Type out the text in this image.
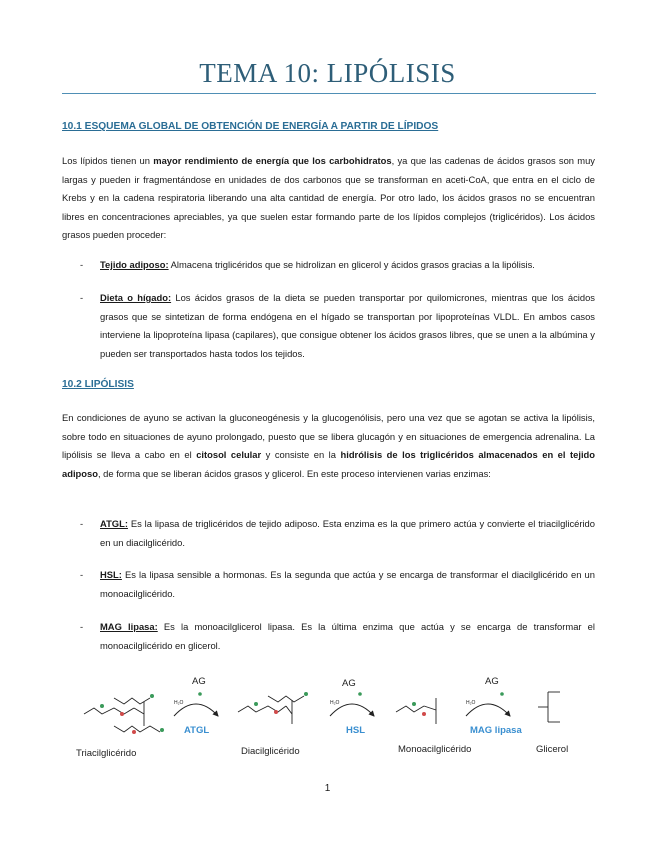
TEMA 10: LIPÓLISIS
10.1 ESQUEMA GLOBAL DE OBTENCIÓN DE ENERGÍA A PARTIR DE LÍPIDOS
Los lípidos tienen un mayor rendimiento de energía que los carbohidratos, ya que las cadenas de ácidos grasos son muy largas y pueden ir fragmentándose en unidades de dos carbonos que se transforman en aceti-CoA, que entra en el ciclo de Krebs y en la cadena respiratoria liberando una alta cantidad de energía. Por otro lado, los ácidos grasos no se encuentran libres en concentraciones apreciables, ya que suelen estar formando parte de los lípidos complejos (triglicéridos). Los ácidos grasos pueden proceder:
- Tejido adiposo: Almacena triglicéridos que se hidrolizan en glicerol y ácidos grasos gracias a la lipólisis.
- Dieta o hígado: Los ácidos grasos de la dieta se pueden transportar por quilomicrones, mientras que los ácidos grasos que se sintetizan de forma endógena en el hígado se transportan por lipoproteínas VLDL. En ambos casos interviene la lipoproteína lipasa (capilares), que consigue obtener los ácidos grasos libres, que se unen a la albúmina y pueden ser transportados hasta todos los tejidos.
10.2 LIPÓLISIS
En condiciones de ayuno se activan la gluconeogénesis y la glucogenólisis, pero una vez que se agotan se activa la lipólisis, sobre todo en situaciones de ayuno prolongado, puesto que se libera glucagón y en situaciones de emergencia adrenalina. La lipólisis se lleva a cabo en el citosol celular y consiste en la hidrólisis de los triglicéridos almacenados en el tejido adiposo, de forma que se liberan ácidos grasos y glicerol. En este proceso intervienen varias enzimas:
- ATGL: Es la lipasa de triglicéridos de tejido adiposo. Esta enzima es la que primero actúa y convierte el triacilglicérido en un diacilglicérido.
- HSL: Es la lipasa sensible a hormonas. Es la segunda que actúa y se encarga de transformar el diacilglicérido en un monoacilglicérido.
- MAG lipasa: Es la monoacilglicerol lipasa. Es la última enzima que actúa y se encarga de transformar el monoacilglicérido en glicerol.
H₂O
AG
ATGL
Diacilglicérido
H₂O
AG
HSL
Monoacilglicérido
H₂O
AG
MAG lipasa
Glicerol
Triacilglicérido
1
